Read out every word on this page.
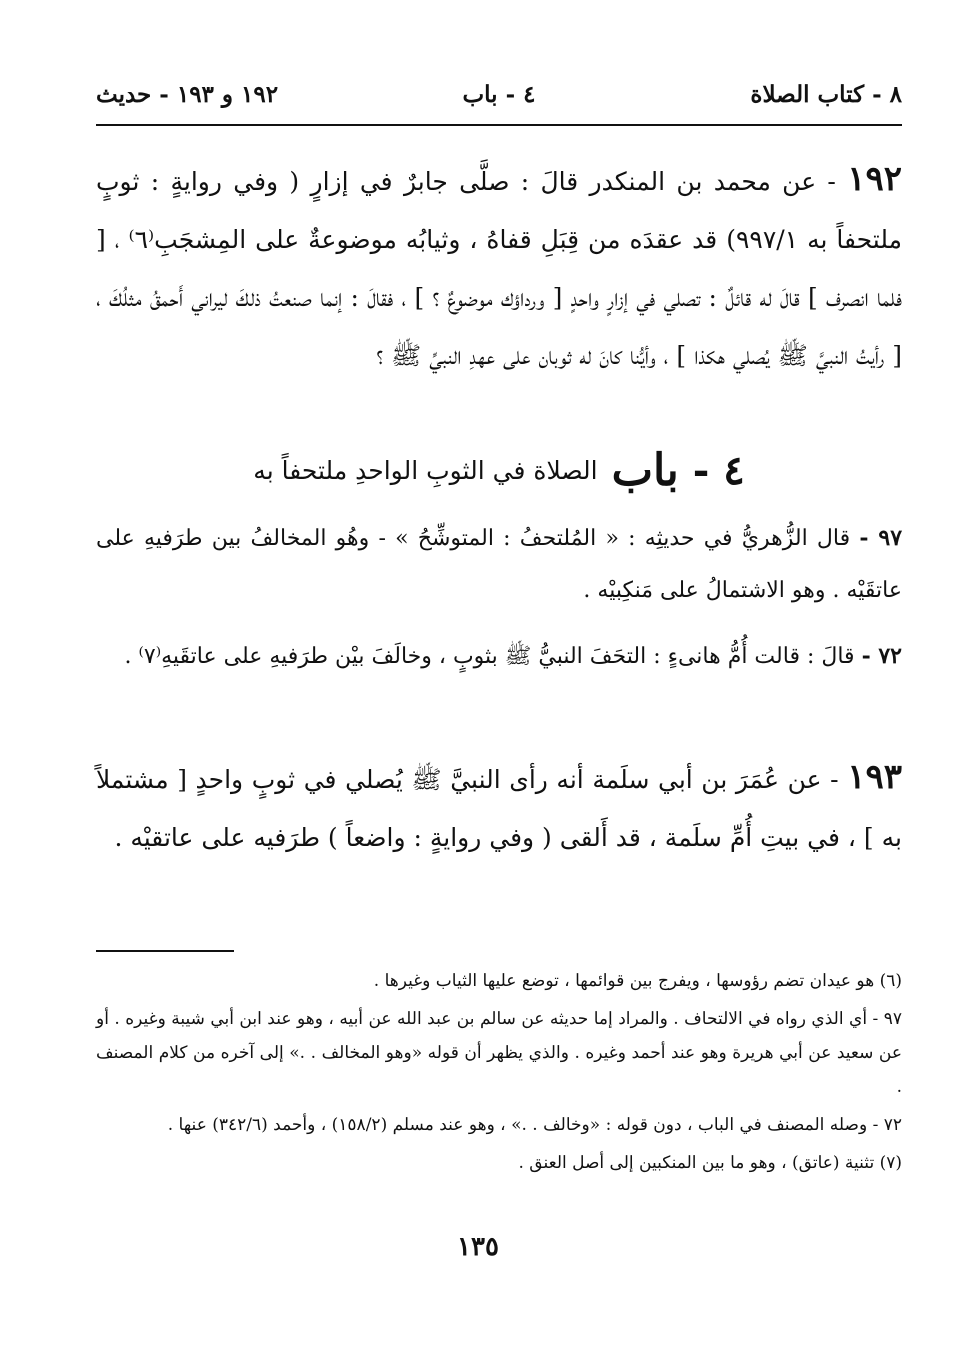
٨ - كتاب الصلاة
٤ - باب
١٩٢ و ١٩٣ - حديث
١٩٢ - عن محمد بن المنكدر قالَ : صلَّى جابرٌ في إزارٍ ( وفي روايةٍ : ثوبٍ ملتحفاً به ٩٩٧/١) قد عقدَه من قِبَلِ قفاهُ ، وثيابُه موضوعةٌ على المِشجَبِ⁽٦⁾ ، [ فلما انصرف ] قالَ له قائلٌ : تصلي في إزارٍ واحدٍ [ ورداؤك موضوعٌ ؟ ] ، فقالَ : إنما صنعتُ ذلكَ ليراني أَحمقُ مثلُكَ ، [ رأيتُ النبيَّ ﷺ يُصلي هكذا ] ، وأيُّنا كانَ له ثوبان على عهدِ النبيِّ ﷺ ؟
٤ -
باب
الصلاة في الثوبِ الواحدِ ملتحفاً به
٩٧ - قال الزُّهريُّ في حديثِه : « المُلتحفُ : المتوشِّحُ » - وهُو المخالفُ بين طرَفيهِ على عاتقَيْه . وهو الاشتمالُ على مَنكِبيْه .
٧٢ - قالَ : قالت أُمُّ هانىءٍ : التحَفَ النبيُّ ﷺ بثوبٍ ، وخالَفَ بيْن طرَفيهِ على عاتقَيهِ⁽٧⁾ .
١٩٣ - عن عُمَرَ بن أبي سلَمة أنه رأى النبيَّ ﷺ يُصلي في ثوبٍ واحدٍ [ مشتملاً به ] ، في بيتِ أُمِّ سلَمة ، قد أَلقى ( وفي روايةٍ : واضعاً ) طرَفيه على عاتقيْه .

(٦) هو عيدان تضم رؤوسها ، ويفرج بين قوائمها ، توضع عليها الثياب وغيرها .

٩٧ - أي الذي رواه في الالتحاف . والمراد إما حديثه عن سالم بن عبد الله عن أبيه ، وهو عند ابن أبي شيبة وغيره . أو عن سعيد عن أبي هريرة وهو عند أحمد وغيره . والذي يظهر أن قوله «وهو المخالف . .» إلى آخره من كلام المصنف .

٧٢ - وصله المصنف في الباب ، دون قوله : «وخالف . .» ، وهو عند مسلم (١٥٨/٢) ، وأحمد (٣٤٢/٦) عنها .

(٧) تثنية (عاتق) ، وهو ما بين المنكبين إلى أصل العنق .

١٣٥
